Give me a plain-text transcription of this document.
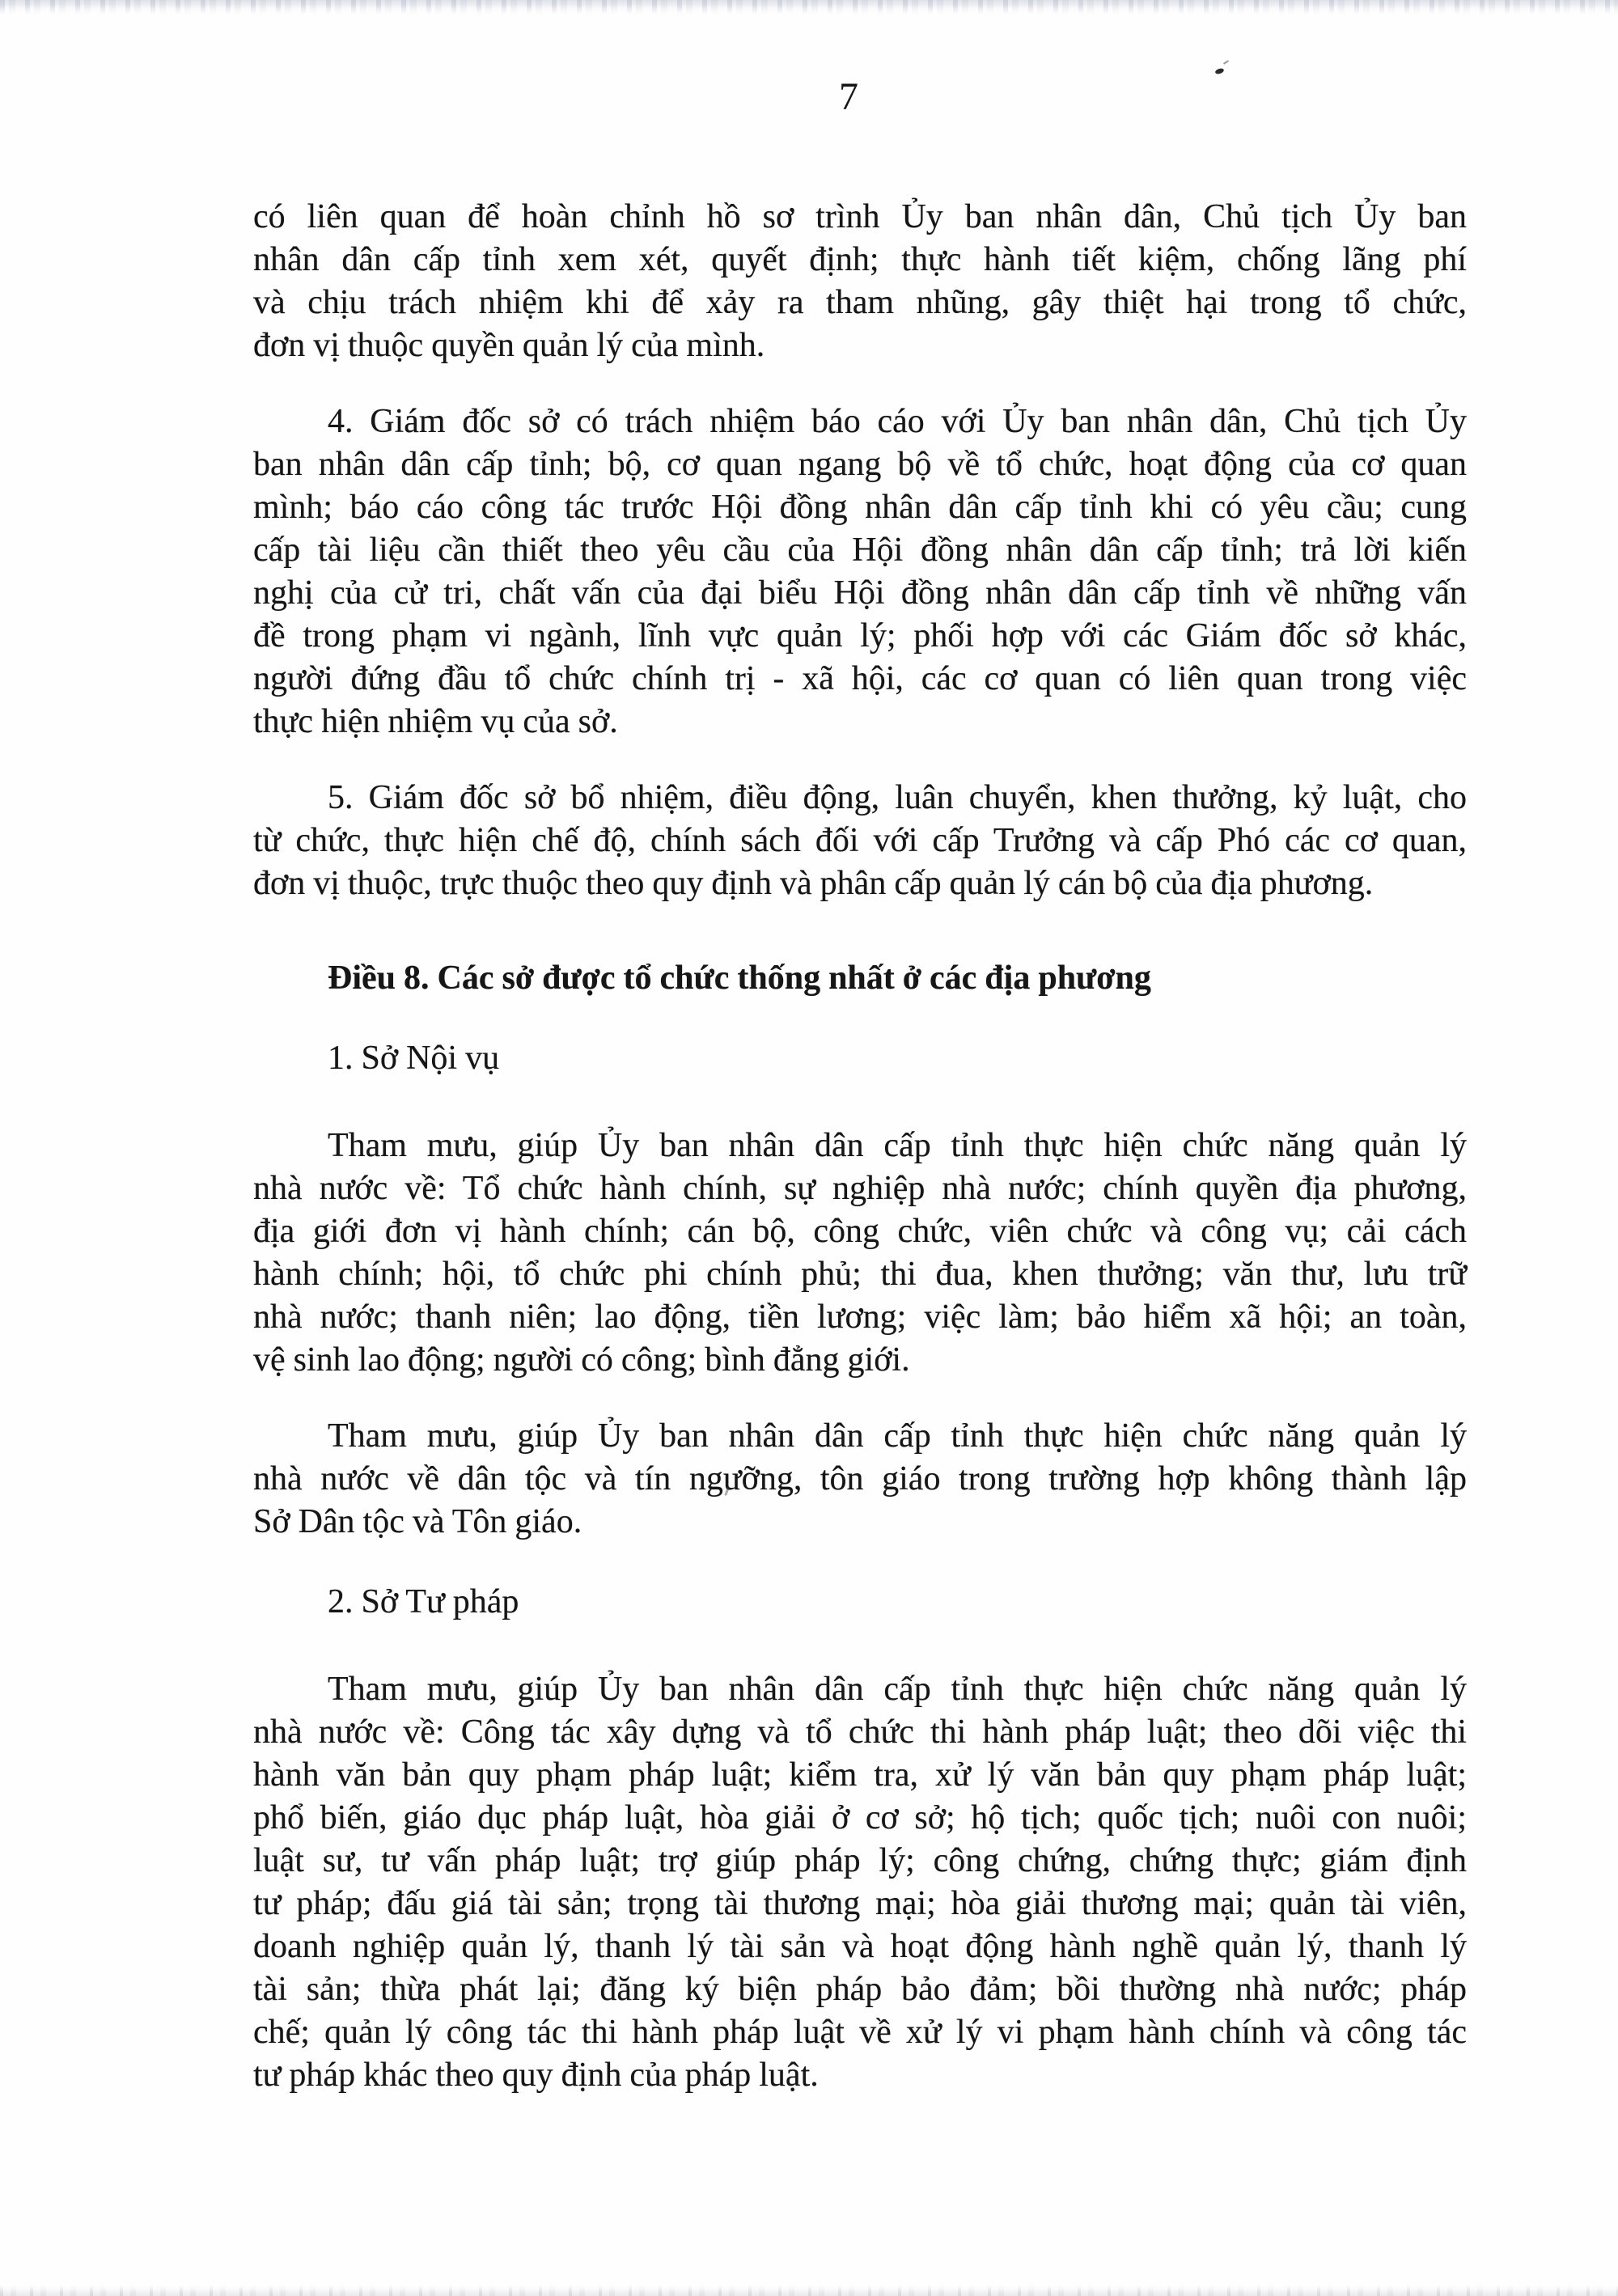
7
có liên quan để hoàn chỉnh hồ sơ trình Ủy ban nhân dân, Chủ tịch Ủy ban
nhân dân cấp tỉnh xem xét, quyết định; thực hành tiết kiệm, chống lãng phí
và chịu trách nhiệm khi để xảy ra tham nhũng, gây thiệt hại trong tổ chức,
đơn vị thuộc quyền quản lý của mình.
4. Giám đốc sở có trách nhiệm báo cáo với Ủy ban nhân dân, Chủ tịch Ủy
ban nhân dân cấp tỉnh; bộ, cơ quan ngang bộ về tổ chức, hoạt động của cơ quan
mình; báo cáo công tác trước Hội đồng nhân dân cấp tỉnh khi có yêu cầu; cung
cấp tài liệu cần thiết theo yêu cầu của Hội đồng nhân dân cấp tỉnh; trả lời kiến
nghị của cử tri, chất vấn của đại biểu Hội đồng nhân dân cấp tỉnh về những vấn
đề trong phạm vi ngành, lĩnh vực quản lý; phối hợp với các Giám đốc sở khác,
người đứng đầu tổ chức chính trị - xã hội, các cơ quan có liên quan trong việc
thực hiện nhiệm vụ của sở.
5. Giám đốc sở bổ nhiệm, điều động, luân chuyển, khen thưởng, kỷ luật, cho
từ chức, thực hiện chế độ, chính sách đối với cấp Trưởng và cấp Phó các cơ quan,
đơn vị thuộc, trực thuộc theo quy định và phân cấp quản lý cán bộ của địa phương.
Điều 8. Các sở được tổ chức thống nhất ở các địa phương
1. Sở Nội vụ
Tham mưu, giúp Ủy ban nhân dân cấp tỉnh thực hiện chức năng quản lý
nhà nước về: Tổ chức hành chính, sự nghiệp nhà nước; chính quyền địa phương,
địa giới đơn vị hành chính; cán bộ, công chức, viên chức và công vụ; cải cách
hành chính; hội, tổ chức phi chính phủ; thi đua, khen thưởng; văn thư, lưu trữ
nhà nước; thanh niên; lao động, tiền lương; việc làm; bảo hiểm xã hội; an toàn,
vệ sinh lao động; người có công; bình đẳng giới.
Tham mưu, giúp Ủy ban nhân dân cấp tỉnh thực hiện chức năng quản lý
nhà nước về dân tộc và tín ngưỡng, tôn giáo trong trường hợp không thành lập
Sở Dân tộc và Tôn giáo.
2. Sở Tư pháp
Tham mưu, giúp Ủy ban nhân dân cấp tỉnh thực hiện chức năng quản lý
nhà nước về: Công tác xây dựng và tổ chức thi hành pháp luật; theo dõi việc thi
hành văn bản quy phạm pháp luật; kiểm tra, xử lý văn bản quy phạm pháp luật;
phổ biến, giáo dục pháp luật, hòa giải ở cơ sở; hộ tịch; quốc tịch; nuôi con nuôi;
luật sư, tư vấn pháp luật; trợ giúp pháp lý; công chứng, chứng thực; giám định
tư pháp; đấu giá tài sản; trọng tài thương mại; hòa giải thương mại; quản tài viên,
doanh nghiệp quản lý, thanh lý tài sản và hoạt động hành nghề quản lý, thanh lý
tài sản; thừa phát lại; đăng ký biện pháp bảo đảm; bồi thường nhà nước; pháp
chế; quản lý công tác thi hành pháp luật về xử lý vi phạm hành chính và công tác
tư pháp khác theo quy định của pháp luật.
